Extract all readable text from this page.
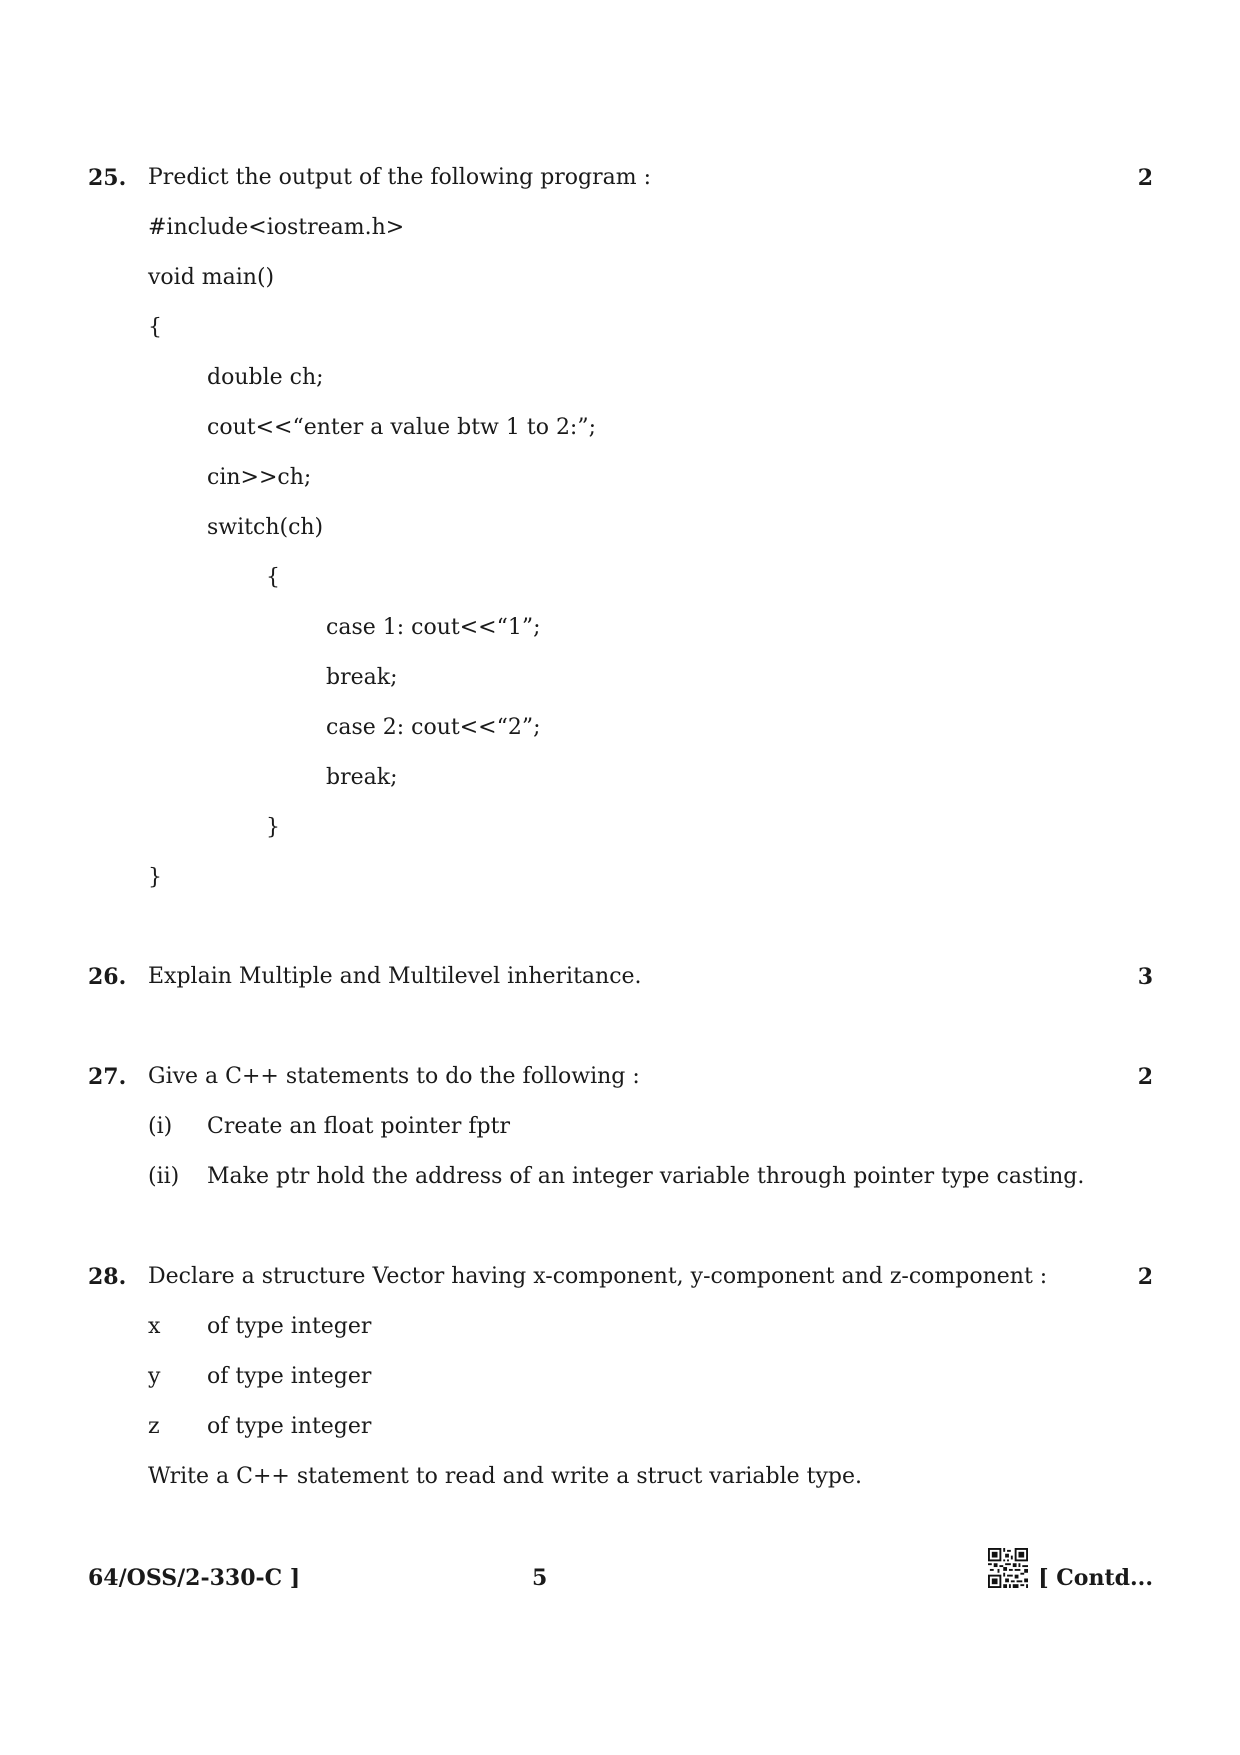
25. Predict the output of the following program :	2
#include<iostream.h>
void main()
{
double ch;
cout<<“enter a value btw 1 to 2:”;
cin>>ch;
switch(ch)
{
case 1: cout<<“1”;
break;
case 2: cout<<“2”;
break;
}
}
26. Explain Multiple and Multilevel inheritance.	3
27. Give a C++ statements to do the following :	2
(i) Create an float pointer fptr
(ii) Make ptr hold the address of an integer variable through pointer type casting.
28. Declare a structure Vector having x-component, y-component and z-component :	2
x of type integer
y of type integer
z of type integer
Write a C++ statement to read and write a struct variable type.
64/OSS/2-330-C ]	5	[ Contd...
